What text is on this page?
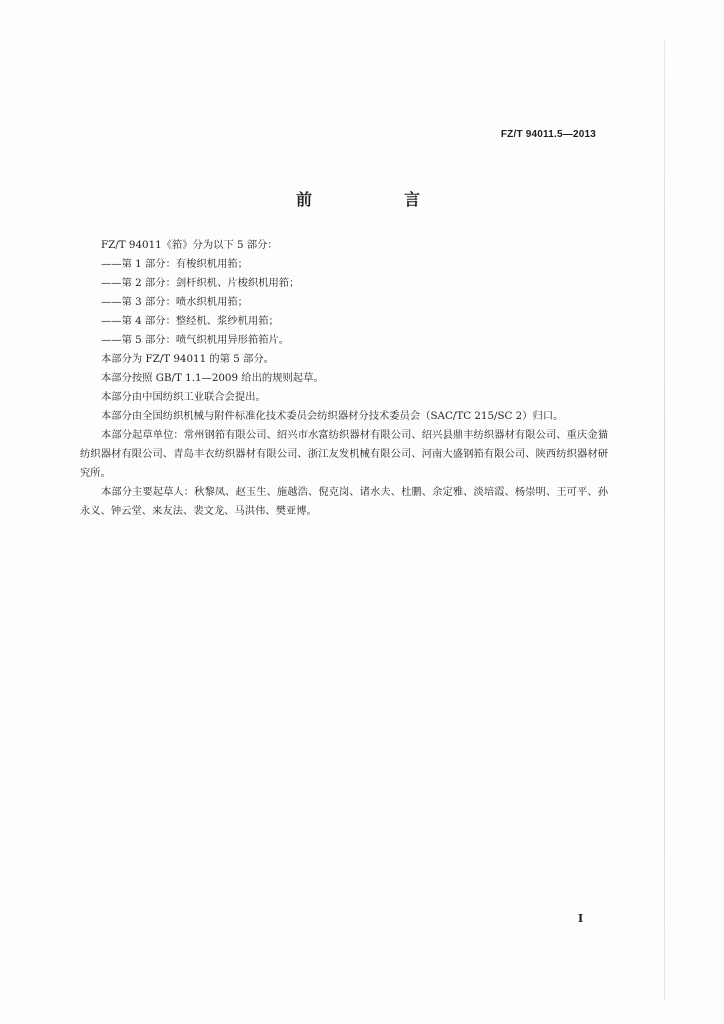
FZ/T 94011.5—2013
前　言

FZ/T 94011《筘》分为以下 5 部分：

——第 1 部分：有梭织机用筘；

——第 2 部分：剑杆织机、片梭织机用筘；

——第 3 部分：喷水织机用筘；

——第 4 部分：整经机、浆纱机用筘；

——第 5 部分：喷气织机用异形筘筘片。

本部分为 FZ/T 94011 的第 5 部分。

本部分按照 GB/T 1.1—2009 给出的规则起草。

本部分由中国纺织工业联合会提出。

本部分由全国纺织机械与附件标准化技术委员会纺织器材分技术委员会（SAC/TC 215/SC 2）归口。

本部分起草单位：常州钢筘有限公司、绍兴市水富纺织器材有限公司、绍兴县鼎丰纺织器材有限公司、重庆金猫纺织器材有限公司、青岛丰衣纺织器材有限公司、浙江友发机械有限公司、河南大盛钢筘有限公司、陕西纺织器材研究所。

本部分主要起草人：秋黎凤、赵玉生、施越浩、倪克岗、诸水夫、杜鹏、余定雅、淡培霞、杨崇明、王可平、孙永义、钟云堂、来友法、裴文龙、马洪伟、樊亚博。

I
